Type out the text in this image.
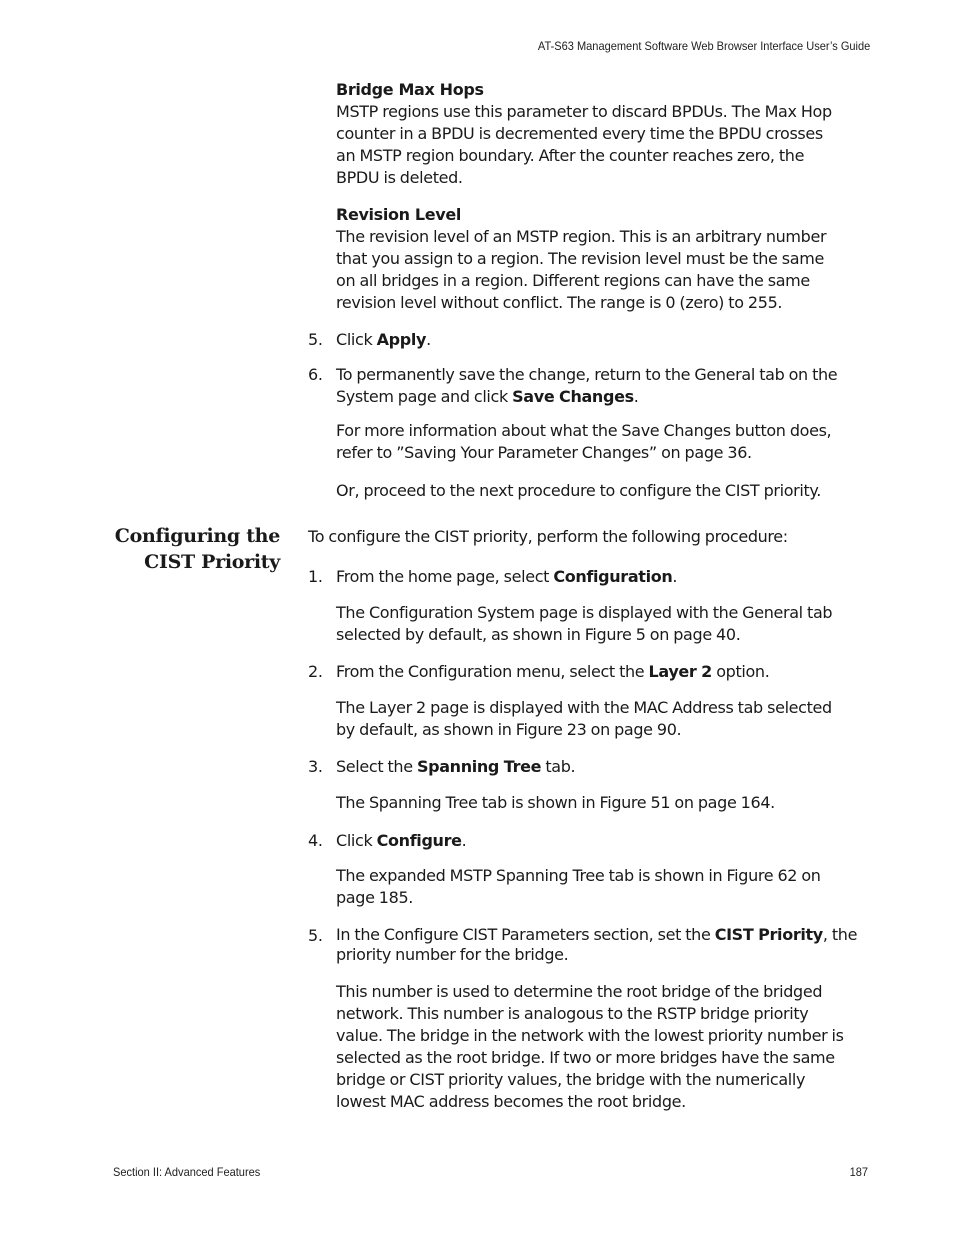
AT-S63 Management Software Web Browser Interface User’s Guide
Bridge Max Hops
MSTP regions use this parameter to discard BPDUs. The Max Hop counter in a BPDU is decremented every time the BPDU crosses an MSTP region boundary. After the counter reaches zero, the BPDU is deleted.
Revision Level
The revision level of an MSTP region. This is an arbitrary number that you assign to a region. The revision level must be the same on all bridges in a region. Different regions can have the same revision level without conflict. The range is 0 (zero) to 255.
5. Click Apply.
6. To permanently save the change, return to the General tab on the System page and click Save Changes.
For more information about what the Save Changes button does, refer to ”Saving Your Parameter Changes” on page 36.
Or, proceed to the next procedure to configure the CIST priority.
Configuring the
CIST Priority
To configure the CIST priority, perform the following procedure:
1. From the home page, select Configuration.
The Configuration System page is displayed with the General tab selected by default, as shown in Figure 5 on page 40.
2. From the Configuration menu, select the Layer 2 option.
The Layer 2 page is displayed with the MAC Address tab selected by default, as shown in Figure 23 on page 90.
3. Select the Spanning Tree tab.
The Spanning Tree tab is shown in Figure 51 on page 164.
4. Click Configure.
The expanded MSTP Spanning Tree tab is shown in Figure 62 on page 185.
5. In the Configure CIST Parameters section, set the CIST Priority, the priority number for the bridge.
This number is used to determine the root bridge of the bridged network. This number is analogous to the RSTP bridge priority value. The bridge in the network with the lowest priority number is selected as the root bridge. If two or more bridges have the same bridge or CIST priority values, the bridge with the numerically lowest MAC address becomes the root bridge.
Section II: Advanced Features	187
